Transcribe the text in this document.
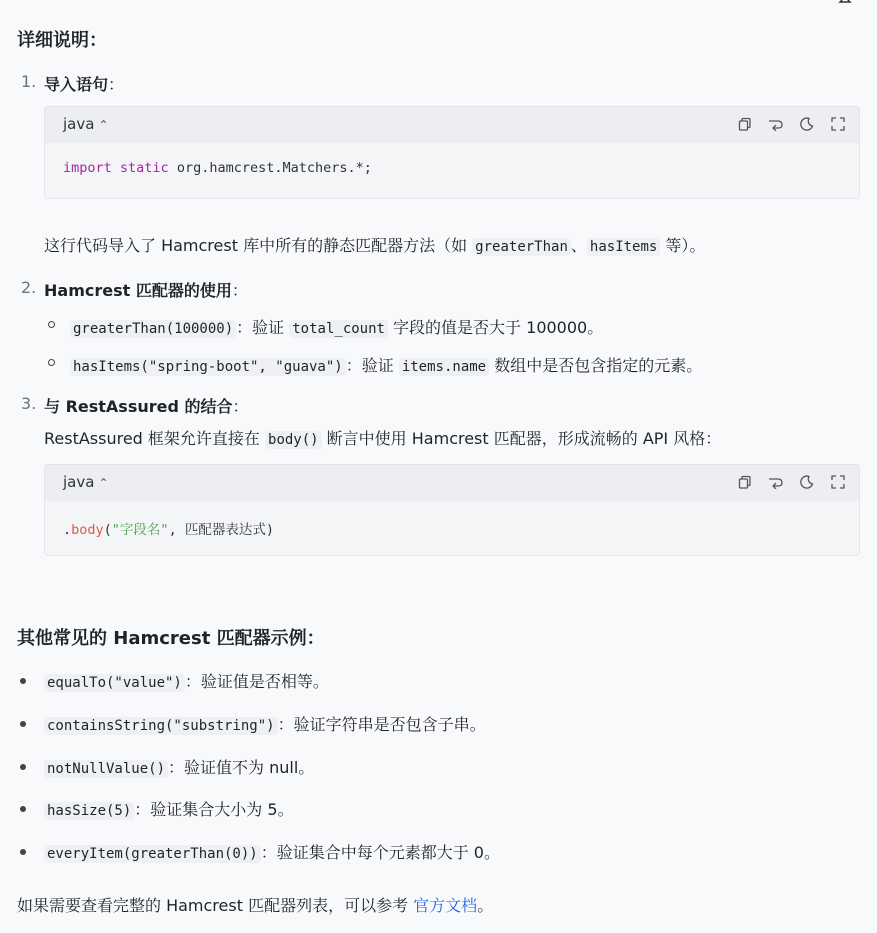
详细说明：
1. 导入语句：
java ⌃
import static org.hamcrest.Matchers.*;
这行代码导入了 Hamcrest 库中所有的静态匹配器方法（如 greaterThan 、 hasItems 等）。
2. Hamcrest 匹配器的使用：
greaterThan(100000) ：验证 total_count 字段的值是否大于 100000。
hasItems("spring-boot", "guava") ：验证 items.name 数组中是否包含指定的元素。
3. 与 RestAssured 的结合：
RestAssured 框架允许直接在 body() 断言中使用 Hamcrest 匹配器，形成流畅的 API 风格：
java ⌃
.body("字段名", 匹配器表达式)
其他常见的 Hamcrest 匹配器示例：
equalTo("value") ：验证值是否相等。
containsString("substring") ：验证字符串是否包含子串。
notNullValue() ：验证值不为 null。
hasSize(5) ：验证集合大小为 5。
everyItem(greaterThan(0)) ：验证集合中每个元素都大于 0。
如果需要查看完整的 Hamcrest 匹配器列表，可以参考 官方文档。
